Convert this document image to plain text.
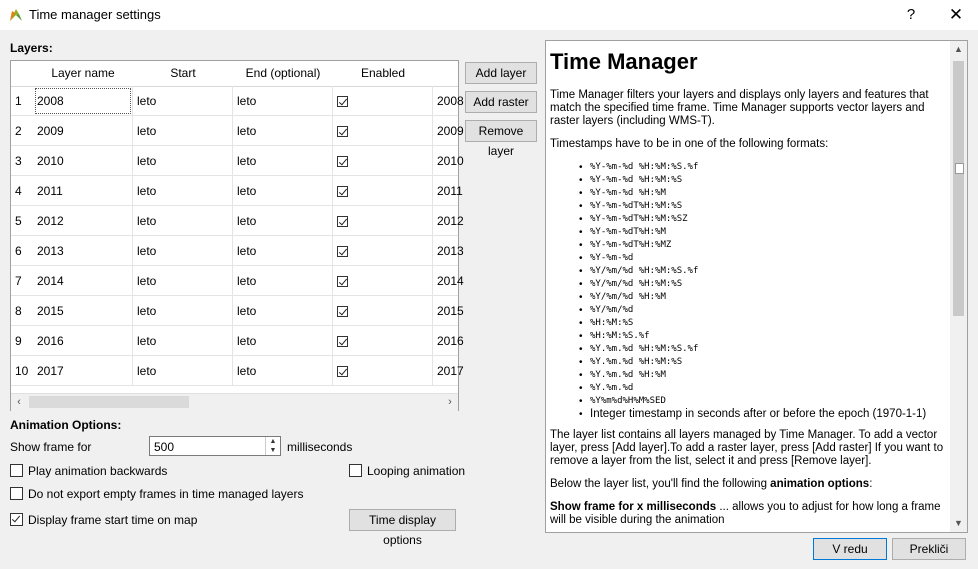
Time manager settings	?	✕
Layers:
Layer name	Start	End (optional)	Enabled
1	2008	leto	leto	2008
2	2009	leto	leto	2009
3	2010	leto	leto	2010
4	2011	leto	leto	2011
5	2012	leto	leto	2012
6	2013	leto	leto	2013
7	2014	leto	leto	2014
8	2015	leto	leto	2015
9	2016	leto	leto	2016
10 2017	leto	leto	2017
‹	›
Add layer
Add raster
Remove layer
Animation Options:
Show frame for	500	▲
▼ milliseconds
Play animation backwards	Looping animation
Do not export empty frames in time managed layers
Display frame start time on map	Time display options
Time Manager

Time Manager filters your layers and displays only layers and features that match the specified time frame. Time Manager supports vector layers and raster layers (including WMS-T).

Timestamps have to be in one of the following formats:

• %Y-%m-%d %H:%M:%S.%f
• %Y-%m-%d %H:%M:%S
• %Y-%m-%d %H:%M
• %Y-%m-%dT%H:%M:%S
• %Y-%m-%dT%H:%M:%SZ
• %Y-%m-%dT%H:%M
• %Y-%m-%dT%H:%MZ
• %Y-%m-%d
• %Y/%m/%d %H:%M:%S.%f
• %Y/%m/%d %H:%M:%S
• %Y/%m/%d %H:%M
• %Y/%m/%d
• %H:%M:%S
• %H:%M:%S.%f
• %Y.%m.%d %H:%M:%S.%f
• %Y.%m.%d %H:%M:%S
• %Y.%m.%d %H:%M
• %Y.%m.%d
• %Y%m%d%H%M%SED
• Integer timestamp in seconds after or before the epoch (1970-1-1)

The layer list contains all layers managed by Time Manager. To add a vector layer, press [Add layer].To add a raster layer, press [Add raster] If you want to remove a layer from the list, select it and press [Remove layer].

Below the layer list, you'll find the following animation options:

Show frame for x milliseconds ... allows you to adjust for how long a frame will be visible during the animation

▲
▼
V redu	Prekliči
